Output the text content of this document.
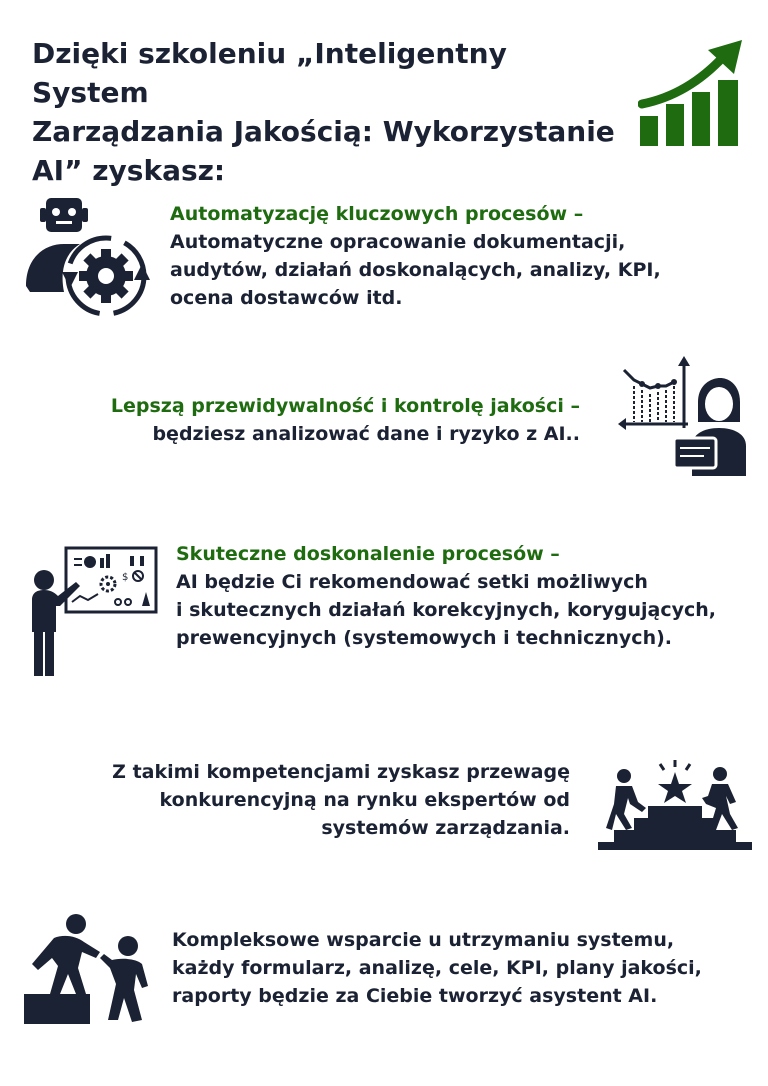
Dzięki szkoleniu „Inteligentny System
Zarządzania Jakością: Wykorzystanie
AI” zyskasz:
Automatyzację kluczowych procesów –
Automatyczne opracowanie dokumentacji,
audytów, działań doskonalących, analizy, KPI,
ocena dostawców itd.
Lepszą przewidywalność i kontrolę jakości –
będziesz analizować dane i ryzyko z AI..
$
Skuteczne doskonalenie procesów –
AI będzie Ci rekomendować setki możliwych
i skutecznych działań korekcyjnych, korygujących,
prewencyjnych (systemowych i technicznych).
Z takimi kompetencjami zyskasz przewagę
konkurencyjną na rynku ekspertów od
systemów zarządzania.
Kompleksowe wsparcie u utrzymaniu systemu,
każdy formularz, analizę, cele, KPI, plany jakości,
raporty będzie za Ciebie tworzyć asystent AI.
